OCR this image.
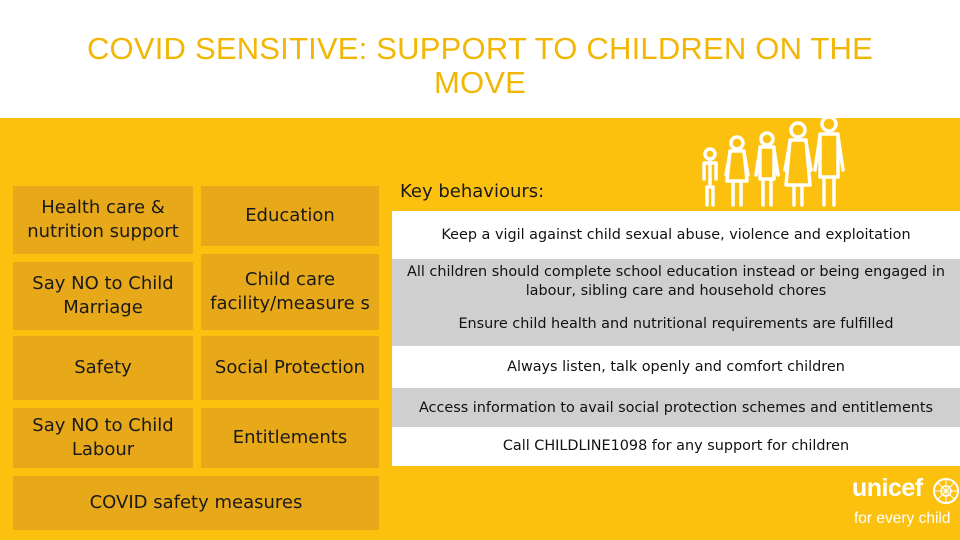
COVID SENSITIVE: SUPPORT TO CHILDREN ON THE MOVE
Health care & nutrition support
Education
Say NO to Child Marriage
Child care facility/measure s
Safety	Social Protection
Say NO to Child Labour
Entitlements
COVID safety measures
Key behaviours:
Keep a vigil against child sexual abuse, violence and exploitation
All children should complete school education instead or being engaged in labour, sibling care and household chores
Ensure child health and nutritional requirements are fulfilled
Always listen, talk openly and comfort children
Access information to avail social protection schemes and entitlements
Call CHILDLINE1098 for any support for children
unicef
for every child
